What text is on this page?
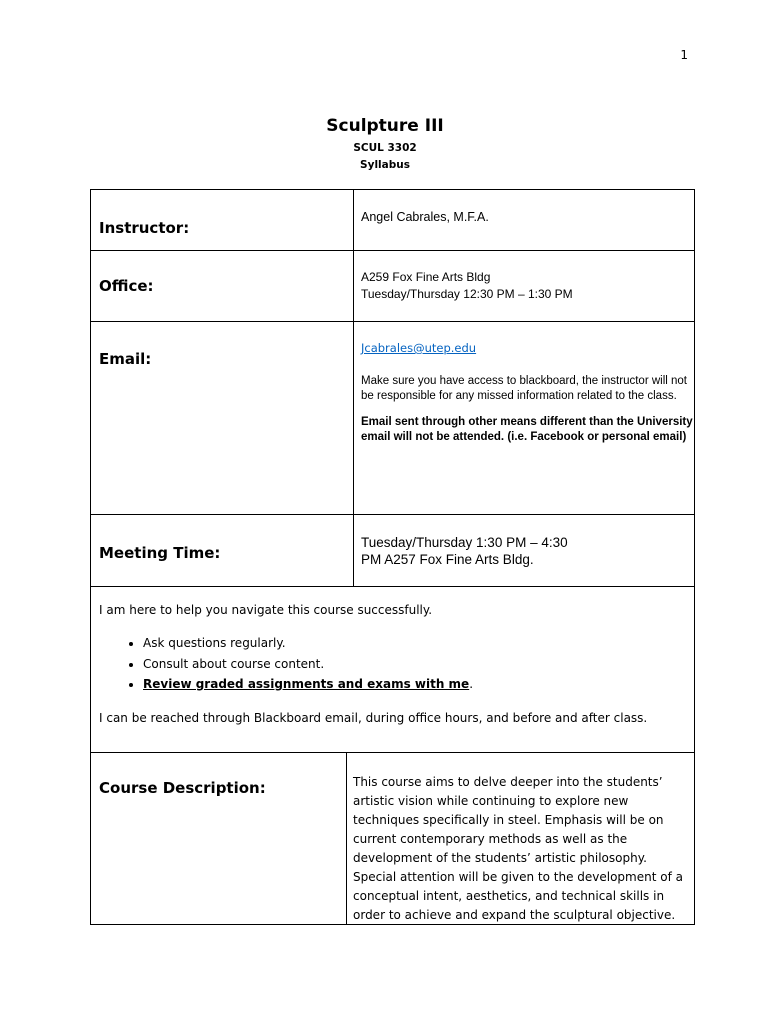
1
Sculpture III
SCUL 3302
Syllabus
Instructor:
Angel Cabrales, M.F.A.
Office:	A259 Fox Fine Arts Bldg
Tuesday/Thursday 12:30 PM – 1:30 PM
Email:
Jcabrales@utep.edu

Make sure you have access to blackboard, the instructor will not be responsible for any missed information related to the class.

Email sent through other means different than the University email will not be attended. (i.e. Facebook or personal email)

Meeting Time:
Tuesday/Thursday 1:30 PM – 4:30
PM A257 Fox Fine Arts Bldg.

I am here to help you navigate this course successfully.

• Ask questions regularly.
• Consult about course content.
• Review graded assignments and exams with me.

I can be reached through Blackboard email, during office hours, and before and after class.

Course Description:	This course aims to delve deeper into the students’ artistic vision while continuing to explore new techniques specifically in steel. Emphasis will be on current contemporary methods as well as the development of the students’ artistic philosophy. Special attention will be given to the development of a conceptual intent, aesthetics, and technical skills in order to achieve and expand the sculptural objective.
